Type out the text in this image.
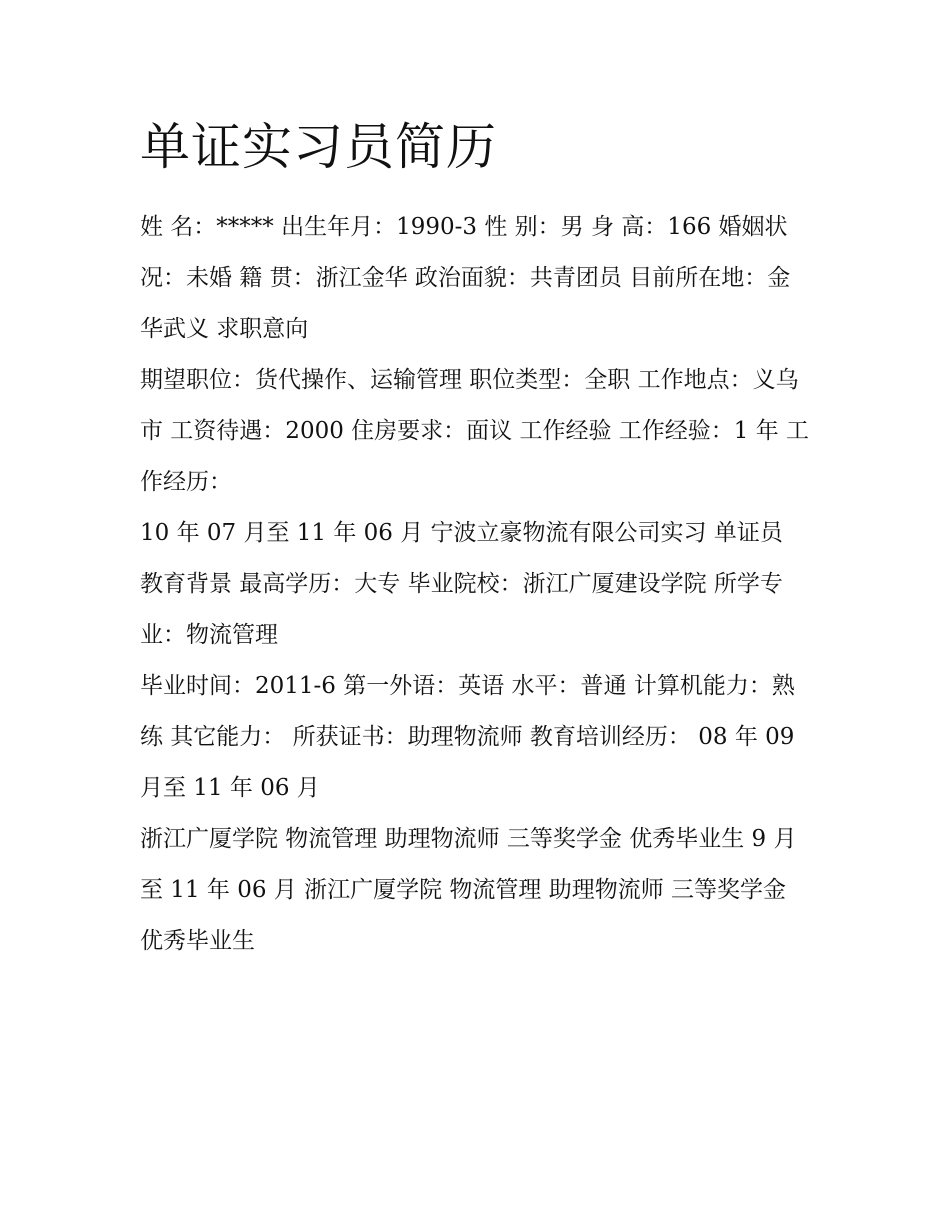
单证实习员简历

姓 名：***** 出生年月：1990-3 性 别：男 身 高：166 婚姻状况：未婚 籍 贯：浙江金华 政治面貌：共青团员 目前所在地：金华武义 求职意向

期望职位：货代操作、运输管理 职位类型：全职 工作地点：义乌市 工资待遇：2000 住房要求：面议 工作经验 工作经验：1 年 工作经历：

10 年 07 月至 11 年 06 月 宁波立豪物流有限公司实习 单证员 教育背景 最高学历：大专 毕业院校：浙江广厦建设学院 所学专业：物流管理

毕业时间：2011-6 第一外语：英语 水平：普通 计算机能力：熟练 其它能力： 所获证书：助理物流师 教育培训经历： 08 年 09 月至 11 年 06 月

浙江广厦学院 物流管理 助理物流师 三等奖学金 优秀毕业生 9 月至 11 年 06 月 浙江广厦学院 物流管理 助理物流师 三等奖学金 优秀毕业生
